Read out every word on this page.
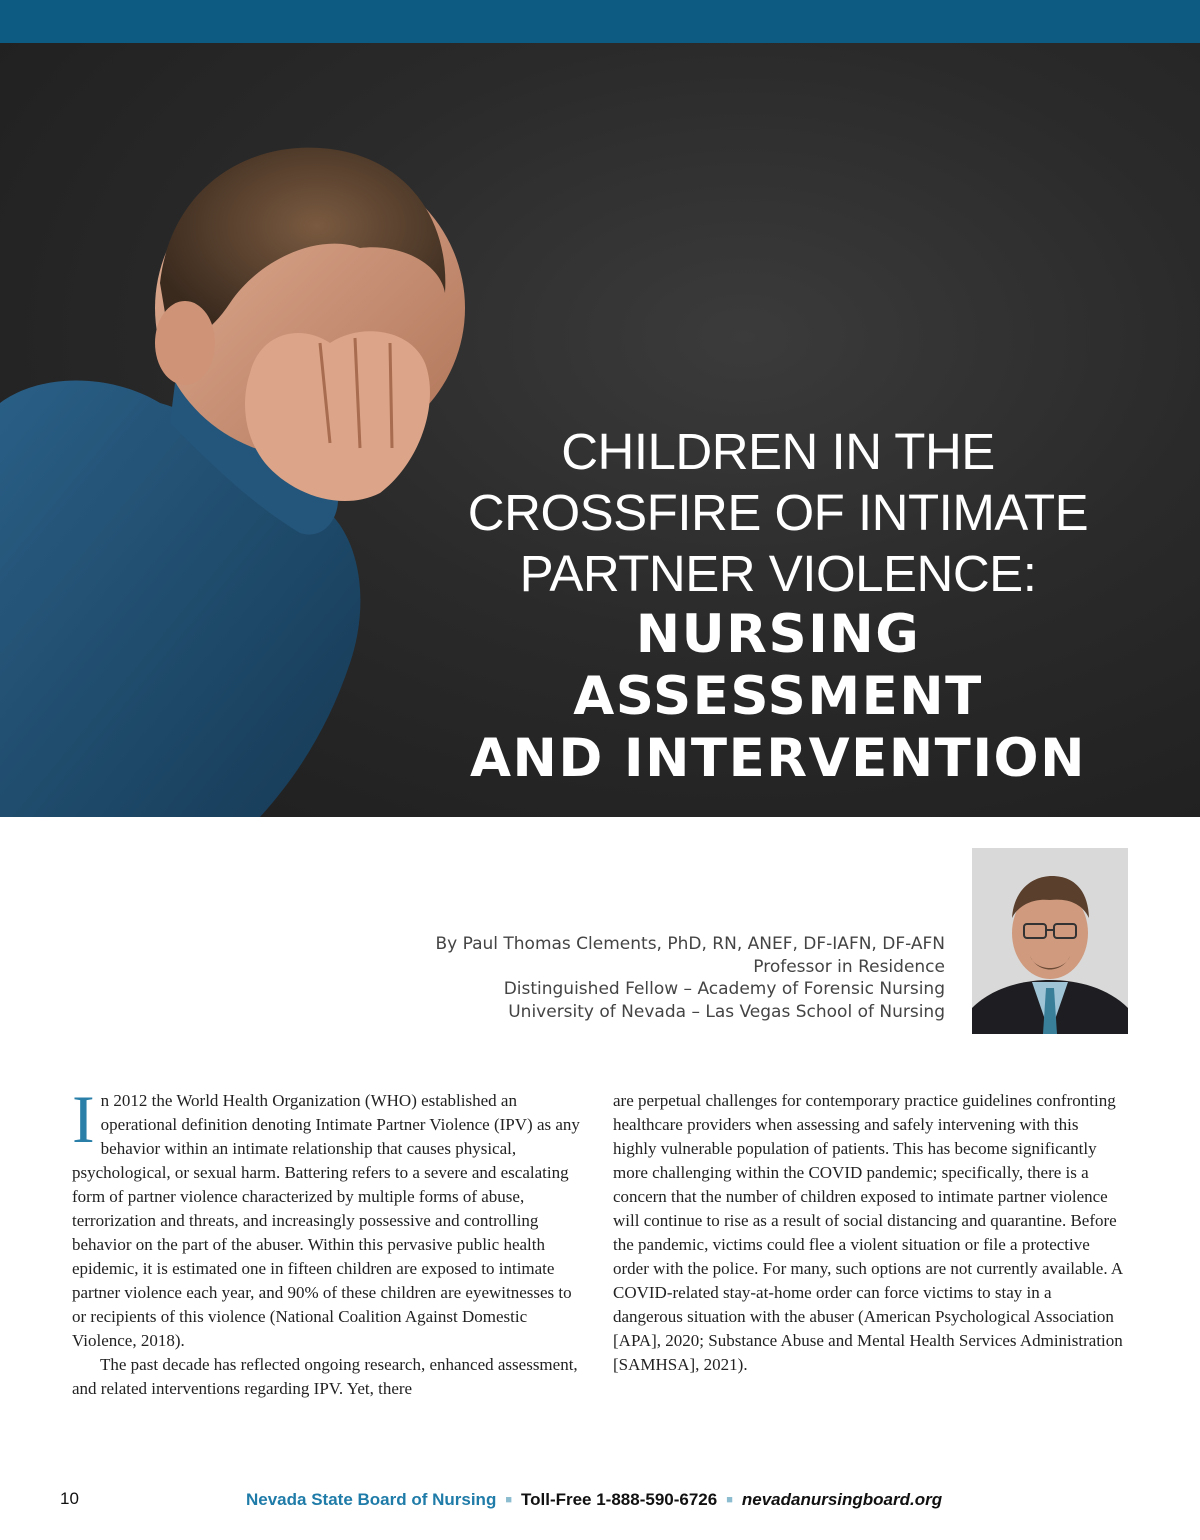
CHILDREN IN THE
CROSSFIRE OF INTIMATE
PARTNER VIOLENCE:
NURSING
ASSESSMENT
AND INTERVENTION
By Paul Thomas Clements, PhD, RN, ANEF, DF-IAFN, DF-AFN
Professor in Residence
Distinguished Fellow – Academy of Forensic Nursing
University of Nevada – Las Vegas School of Nursing

In 2012 the World Health Organization (WHO) established an operational definition denoting Intimate Partner Violence (IPV) as any behavior within an intimate relationship that causes physical, psychological, or sexual harm. Battering refers to a severe and escalating form of partner violence characterized by multiple forms of abuse, terrorization and threats, and increasingly possessive and controlling behavior on the part of the abuser. Within this pervasive public health epidemic, it is estimated one in fifteen children are exposed to intimate partner violence each year, and 90% of these children are eyewitnesses to or recipients of this violence (National Coalition Against Domestic Violence, 2018).

The past decade has reflected ongoing research, enhanced assessment, and related interventions regarding IPV. Yet, there

are perpetual challenges for contemporary practice guidelines confronting healthcare providers when assessing and safely intervening with this highly vulnerable population of patients. This has become significantly more challenging within the COVID pandemic; specifically, there is a concern that the number of children exposed to intimate partner violence will continue to rise as a result of social distancing and quarantine. Before the pandemic, victims could flee a violent situation or file a protective order with the police. For many, such options are not currently available. A COVID-related stay-at-home order can force victims to stay in a dangerous situation with the abuser (American Psychological Association [APA], 2020; Substance Abuse and Mental Health Services Administration [SAMHSA], 2021).

10	Nevada State Board of Nursing ■ Toll-Free 1-888-590-6726 ■ nevadanursingboard.org
